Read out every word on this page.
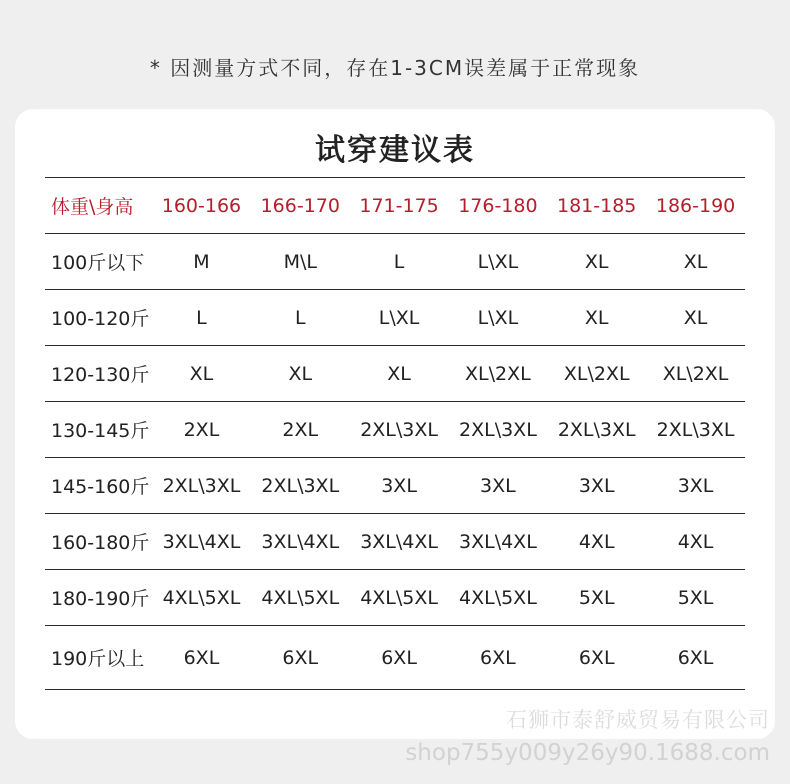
* 因测量方式不同，存在1-3CM误差属于正常现象
试穿建议表
体重\身高	160-166	166-170	171-175	176-180	181-185	186-190
100斤以下	M	M\L	L	L\XL	XL	XL
100-120斤	L	L	L\XL	L\XL	XL	XL
120-130斤	XL	XL	XL	XL\2XL	XL\2XL	XL\2XL
130-145斤	2XL	2XL	2XL\3XL	2XL\3XL	2XL\3XL	2XL\3XL
145-160斤	2XL\3XL	2XL\3XL	3XL	3XL	3XL	3XL
160-180斤	3XL\4XL	3XL\4XL	3XL\4XL	3XL\4XL	4XL	4XL
180-190斤	4XL\5XL	4XL\5XL	4XL\5XL	4XL\5XL	5XL	5XL
190斤以上	6XL	6XL	6XL	6XL	6XL	6XL
石狮市泰舒威贸易有限公司
shop755y009y26y90.1688.com
